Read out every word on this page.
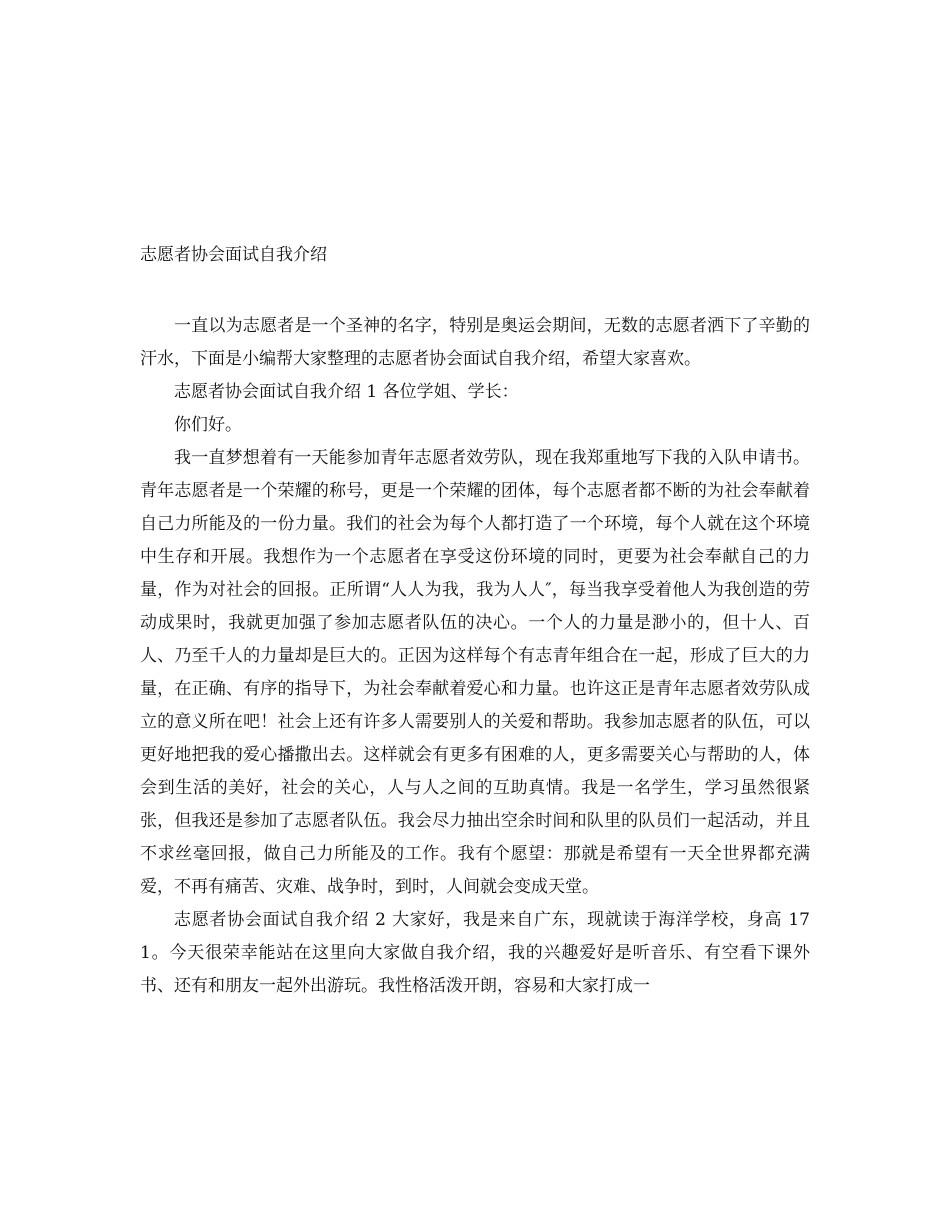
志愿者协会面试自我介绍

一直以为志愿者是一个圣神的名字，特别是奥运会期间，无数的志愿者洒下了辛勤的汗水，下面是小编帮大家整理的志愿者协会面试自我介绍，希望大家喜欢。

志愿者协会面试自我介绍 1 各位学姐、学长：

你们好。

我一直梦想着有一天能参加青年志愿者效劳队，现在我郑重地写下我的入队申请书。青年志愿者是一个荣耀的称号，更是一个荣耀的团体，每个志愿者都不断的为社会奉献着自己力所能及的一份力量。我们的社会为每个人都打造了一个环境，每个人就在这个环境中生存和开展。我想作为一个志愿者在享受这份环境的同时，更要为社会奉献自己的力量，作为对社会的回报。正所谓“人人为我，我为人人″，每当我享受着他人为我创造的劳动成果时，我就更加强了参加志愿者队伍的决心。一个人的力量是渺小的，但十人、百人、乃至千人的力量却是巨大的。正因为这样每个有志青年组合在一起，形成了巨大的力量，在正确、有序的指导下，为社会奉献着爱心和力量。也许这正是青年志愿者效劳队成立的意义所在吧！社会上还有许多人需要别人的关爱和帮助。我参加志愿者的队伍，可以更好地把我的爱心播撒出去。这样就会有更多有困难的人，更多需要关心与帮助的人，体会到生活的美好，社会的关心，人与人之间的互助真情。我是一名学生，学习虽然很紧张，但我还是参加了志愿者队伍。我会尽力抽出空余时间和队里的队员们一起活动，并且不求丝毫回报，做自己力所能及的工作。我有个愿望：那就是希望有一天全世界都充满爱，不再有痛苦、灾难、战争时，到时，人间就会变成天堂。

志愿者协会面试自我介绍 2 大家好，我是来自广东，现就读于海洋学校，身高 171。今天很荣幸能站在这里向大家做自我介绍，我的兴趣爱好是听音乐、有空看下课外书、还有和朋友一起外出游玩。我性格活泼开朗，容易和大家打成一
